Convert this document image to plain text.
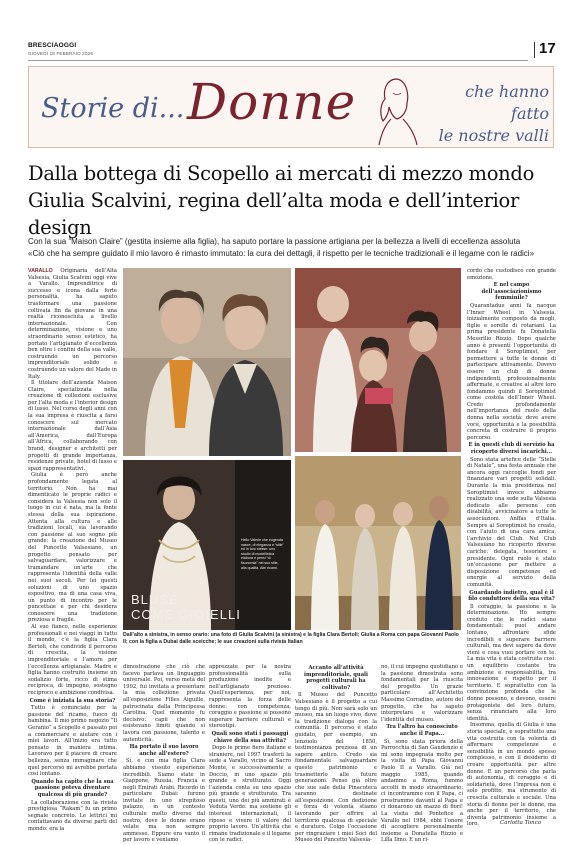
BRESCIAOGGI
GIOVEDÌ 18 FEBBRAIO 2026	17
Storie di... Donne	che hanno fatto
le nostre valli
Dalla bottega di Scopello ai mercati di mezzo mondo
Giulia Scalvini, regina dell’alta moda e dell’interior design
Con la sua “Maison Claire” (gestita insieme alla figlia), ha saputo portare la passione artigiana per la bellezza a livelli di eccellenza assoluta
«Ciò che ha sempre guidato il mio lavoro è rimasto immutato: la cura dei dettagli, il rispetto per le tecniche tradizionali e il legame con le radici»

VARALLO Originaria dell’Alta Valsesia, Giulia Scalvini oggi vive a Varallo. Imprenditrice di successo e icona dalla forte personalità, ha saputo trasformare una passione coltivata fin da giovane in una realtà riconosciuta a livello internazionale. Con determinazione, visione e uno straordinario senso estetico, ha portato l’artigianato d’eccellenza ben oltre i confini della sua valle, costruendo un percorso imprenditoriale solido e costruendo un valore del Made in Italy.

Il titolare dell’azienda Maison Claire, specializzata nella creazione di collezioni esclusive per l’alta moda e l’interior design di lusso. Nel corso degli anni con la sua impresa è riuscita a farsi conoscere sul mercato internazionale dall’Asia all’America, dall’Europa all’Africa, collaborando con brand, designer e architetti per progetti di grande importanza, residenze private, hotel di lusso e spazi rappresentativi.

Giulia è però anche profondamente legata al territorio. Non ha mai dimenticato le proprie radici e considera la Valsesia non solo il luogo in cui è nata, ma la fonte stessa della sua ispirazione. Attenta alla cultura e alle tradizioni locali, sia lavorando con passione al suo sogno più grande: la creazione del Museo del Puncetto Valsesiano, un progetto pensato per salvaguardare, valorizzare e tramandare un’arte che rappresenta l’identità della valle nei suoi secoli. Per lei questi soluzioni di uno spazio espositivo, ma di una casa viva, un punto di incontro per le puncettaie e per chi desidera conoscere una tradizione preziosa e fragile.

Al suo fianco, nelle esperienze professionali e nei viaggi in tutto il mondo, c’è la figlia Clara Bertoli, che condivide il percorso di crescita, la visione imprenditoriale e l’amore per l’eccellenza artigianale. Madre e figlia hanno costruito insieme un sodalizio forte, ricco di stima reciproca, di impegno, sostegno reciproco e ambizione condivisa.

Come è iniziata la sua storia?

Tutto è cominciato per la passione del ricamo, fuoco di bambina. Il mio primo negozio “Il Geranio” a Scopello e passato poi a commerciare e aiutare con i miei lavori. All’inizio era tutto pensato in maniera intima. Lavoravo per il piacere di creare bellezza, senza immaginare che quel percorso mi avrebbe portata così lontano.

Quando ha capito che la sua passione poteva diventare qualcosa di più grande?

La collaborazione con la rivista prestigiosa “Rakam” fu un primo segnale concreto. Le lettrici mi contattavano da diverse parti del mondo: era la

BLUSE
COME GIOIELLI
Hello Valerie che eugenda nasce, di eleganza e “stile” ed in loro stesse: uno studio di modellistica elabora e pensi “di fisonomia” nel suo stile, alla qualità. Altri ricami.
Dall’alto a sinistra, in senso orario: una foto di Giulia Scalvini (a sinistra) e la figlia Clara Bertoli; Giulia a Roma con papa Giovanni Paolo II; con la figlia a Dubai dalle sceicche; le sue creazioni sulla rivista Italian

dimostrazione che ciò che facevo parlava un linguaggio universale. Poi, verso metà del 1992, fui invitata a presentare la mia collezione privata all’esposizione Filles Aiguille, patrocinata dalla Principessa Carolina. Quel momento fu decisivo: capii che non esistevano limiti quando si lavora con passione, talento e autenticità.

Ha portato il suo lavoro anche all’estero?

Sì, e con mia figlia Clara abbiamo vissuto esperienze incredibili. Siamo state in Giappone, Russia, Francia e negli Emirati Arabi. Ricordo in particolare Dubai: furono invitate in uno strepitoso palazzo, in un contesto culturale molto diverso dal nostro, dove le donne erano velate ma non sempre ammesse. Eppure era vanto il per lavoro e veniamo

apprezzate per la nostra professionalità sulla produzione inedite e nell’artigianato prezioso. Quell’esperienza, per noi, rappresenta la forza delle donne: con competenza, coraggio e passione si possono superare barriere culturali e stereotipi.

Quali sono stati i passaggi chiave della sua attività?

Dopo le prime fiere italiane e straniere, nel 1997 trasferii la sede a Varallo, vicino al Sacro Monte, e successivamente a Doccio, in uno spazio più grande e strutturato. Oggi l’azienda conta su uno spazio più grande e strutturato. Tra questi, uno dei più ammirati è Veduta Verde: ma sostiene gli interessi internazionali, il riposo e vivere il valore del proprio lavoro. Un’attività che rimane tradizionale e il legame con le radici.

Accanto all’attività imprenditoriale, quali progetti culturali ha coltivato?

Il Museo del Puncetto Valsesiano è il progetto a cui tengo di più. Non sarà solo un museo, ma un luogo vivo, dove la tradizione dialoga con la comunità. Il percorso è stato guidato, per esempio, un lenzuolo del 1850, testimonianza preziosa di un sapere antico. Credo sia fondamentale salvaguardare questo patrimonio e trasmetterlo alle future generazioni. Penso già oltre che sue sale della Pinacoteca saranno destinate all’esposizione. Con dedizione e forza di volontà stiamo lavorando per offrire al territorio qualcosa di speciale e duraturo. Colgo l’occasione per ringraziare i miei Soci del Museo del Puncetto Valsesia-

no, il cui impegno quotidiano e la passione dimostrata sono fondamentali per la riuscita del progetto. Un grazie particolare all’Architetto Massimo Corradino, autore del progetto, che ha saputo interpretare e valorizzare l’identità del museo.

Tra l’altro ha conosciuto anche il Papa...

Sì, sono stata priora della Parrocchia di San Gaudenzio e mi sono impegnata molto per la visita di Papa Giovanni Paolo II a Varallo. Già nel maggio 1985, quando andammo a Roma, fummo accolti in modo straordinario: ci incontrammo con il Papa, ci prostrammo davanti al Papa e ci donarono un mazzo di fiori! La visita del Pontefice a Varallo nel 1984, ebbi l’onore di accogliere personalmente insieme a Donatella Rizzio e Lilla Ilmo. E un ri-

cordo che custodisco con grande emozione.

E nel campo dell’associazionismo femminile?

Quarantadue anni fa nacque l’Inner Wheel in Valsesia, inizialmente composto da mogli, figlie e sorelle di rotariani. La prima presidente fu Donatella Messrilio Rizzio. Dopo qualche anno è presentì l’opportunità di fondare il Soroptimist, per permettere a tutte le donne di partecipare attivamente. Dovevo essere un club di donne indipendenti, professionalmente affermate, e creative al altre loro fondammo quindi il Soroptimist come costola dell’Inner Wheel. Credo profondamente nell’importanza del ruolo della donna nella società: deve avere voce, opportunità e la possibilità concreta di costruire il proprio percorso.

E in questi club di servizio ha ricoperto diversi incarichi...

Sono stata artefice delle “Stelle di Natale”, una festa annuale che ancora oggi raccoglie fondi per finanziare vari progetti solidali. Durante la mia presidenza nel Soroptimist invece abbiamo realizzato una sede sulla Valsesia dedicato alle persone con disabilità, avvicinatore a tutte le associazioni. Anffas d’Italia. Sempre al Soroptimist ho creato, con l’aiuto di una cara amica, l’archivio del Club. Nel Club Valsesiano ho ricoperto diverse cariche: delegata, tesoriere e presidente. Ogni ruolo è stato un’occasione per mettere a disposizione competenze ed energie al servizio della comunità.

Guardando indietro, qual è il filo conduttore della sua vita?

Il coraggio, la passione e la determinazione. Ho sempre creduto che le radici siano fondamentali: puoi andare lontano, affrontare sfide incredibili e superare barriere culturali, ma devi sapere da dove vieni e cosa vuoi portare con te. La mia vita è stata costruita così: un equilibrio costante tra ambizione e responsabilità, tra innovazione e rispetto per il territorio. E soprattutto con la convinzione profonda che le donne possono, e devono, essere protagoniste del loro futuro, senza rinunciare alla loro identità.

Insomma, quella di Giulia è una storia speciale, e soprattutto una vita costruita con la volontà di affermare competenze e sensibilità in un mondo spesso complesso, e con il desiderio di creare opportunità per altre donne. E un percorso che parla di autonomia, di coraggio e di solidarietà, dove l’impresa non è solo profitto, ma strumento di crescita culturale e sociale. Una storia di donne per le donne, ma anche per il territorio, che diventa patrimonio insieme a loro.	Carlotta Tonco
